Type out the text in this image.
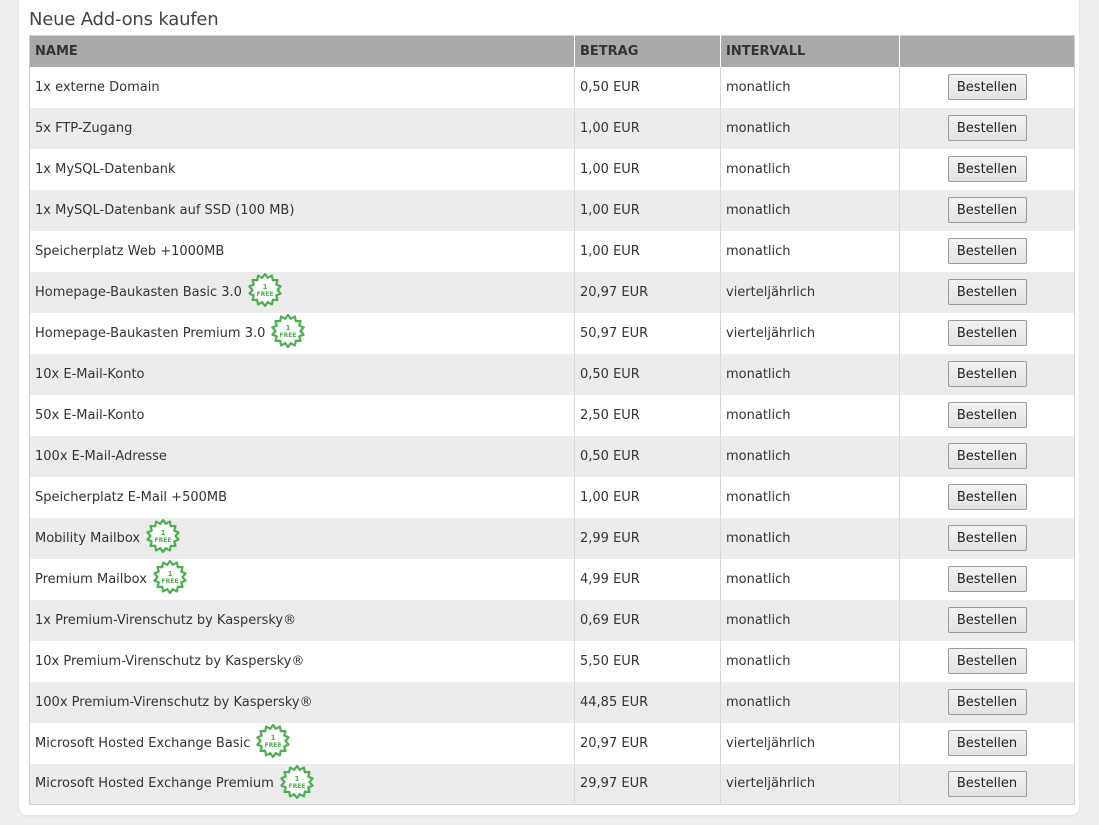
Neue Add-ons kaufen
NAME	BETRAG	INTERVALL	

1x externe Domain	0,50 EUR	monatlich	Bestellen

5x FTP-Zugang	1,00 EUR	monatlich	Bestellen

1x MySQL-Datenbank	1,00 EUR	monatlich	Bestellen

1x MySQL-Datenbank auf SSD (100 MB)	1,00 EUR	monatlich	Bestellen

Speicherplatz Web +1000MB	1,00 EUR	monatlich	Bestellen

Homepage-Baukasten Basic 3.0 1
FREE	20,97 EUR	vierteljährlich	Bestellen

Homepage-Baukasten Premium 3.0 1
FREE	50,97 EUR	vierteljährlich	Bestellen

10x E-Mail-Konto	0,50 EUR	monatlich	Bestellen

50x E-Mail-Konto	2,50 EUR	monatlich	Bestellen

100x E-Mail-Adresse	0,50 EUR	monatlich	Bestellen

Speicherplatz E-Mail +500MB	1,00 EUR	monatlich	Bestellen

Mobility Mailbox 1
FREE	2,99 EUR	monatlich	Bestellen

Premium Mailbox 1
FREE	4,99 EUR	monatlich	Bestellen

1x Premium-Virenschutz by Kaspersky®	0,69 EUR	monatlich	Bestellen

10x Premium-Virenschutz by Kaspersky®	5,50 EUR	monatlich	Bestellen

100x Premium-Virenschutz by Kaspersky®	44,85 EUR	monatlich	Bestellen

Microsoft Hosted Exchange Basic 1
FREE	20,97 EUR	vierteljährlich	Bestellen

Microsoft Hosted Exchange Premium 1
FREE	29,97 EUR	vierteljährlich	Bestellen
